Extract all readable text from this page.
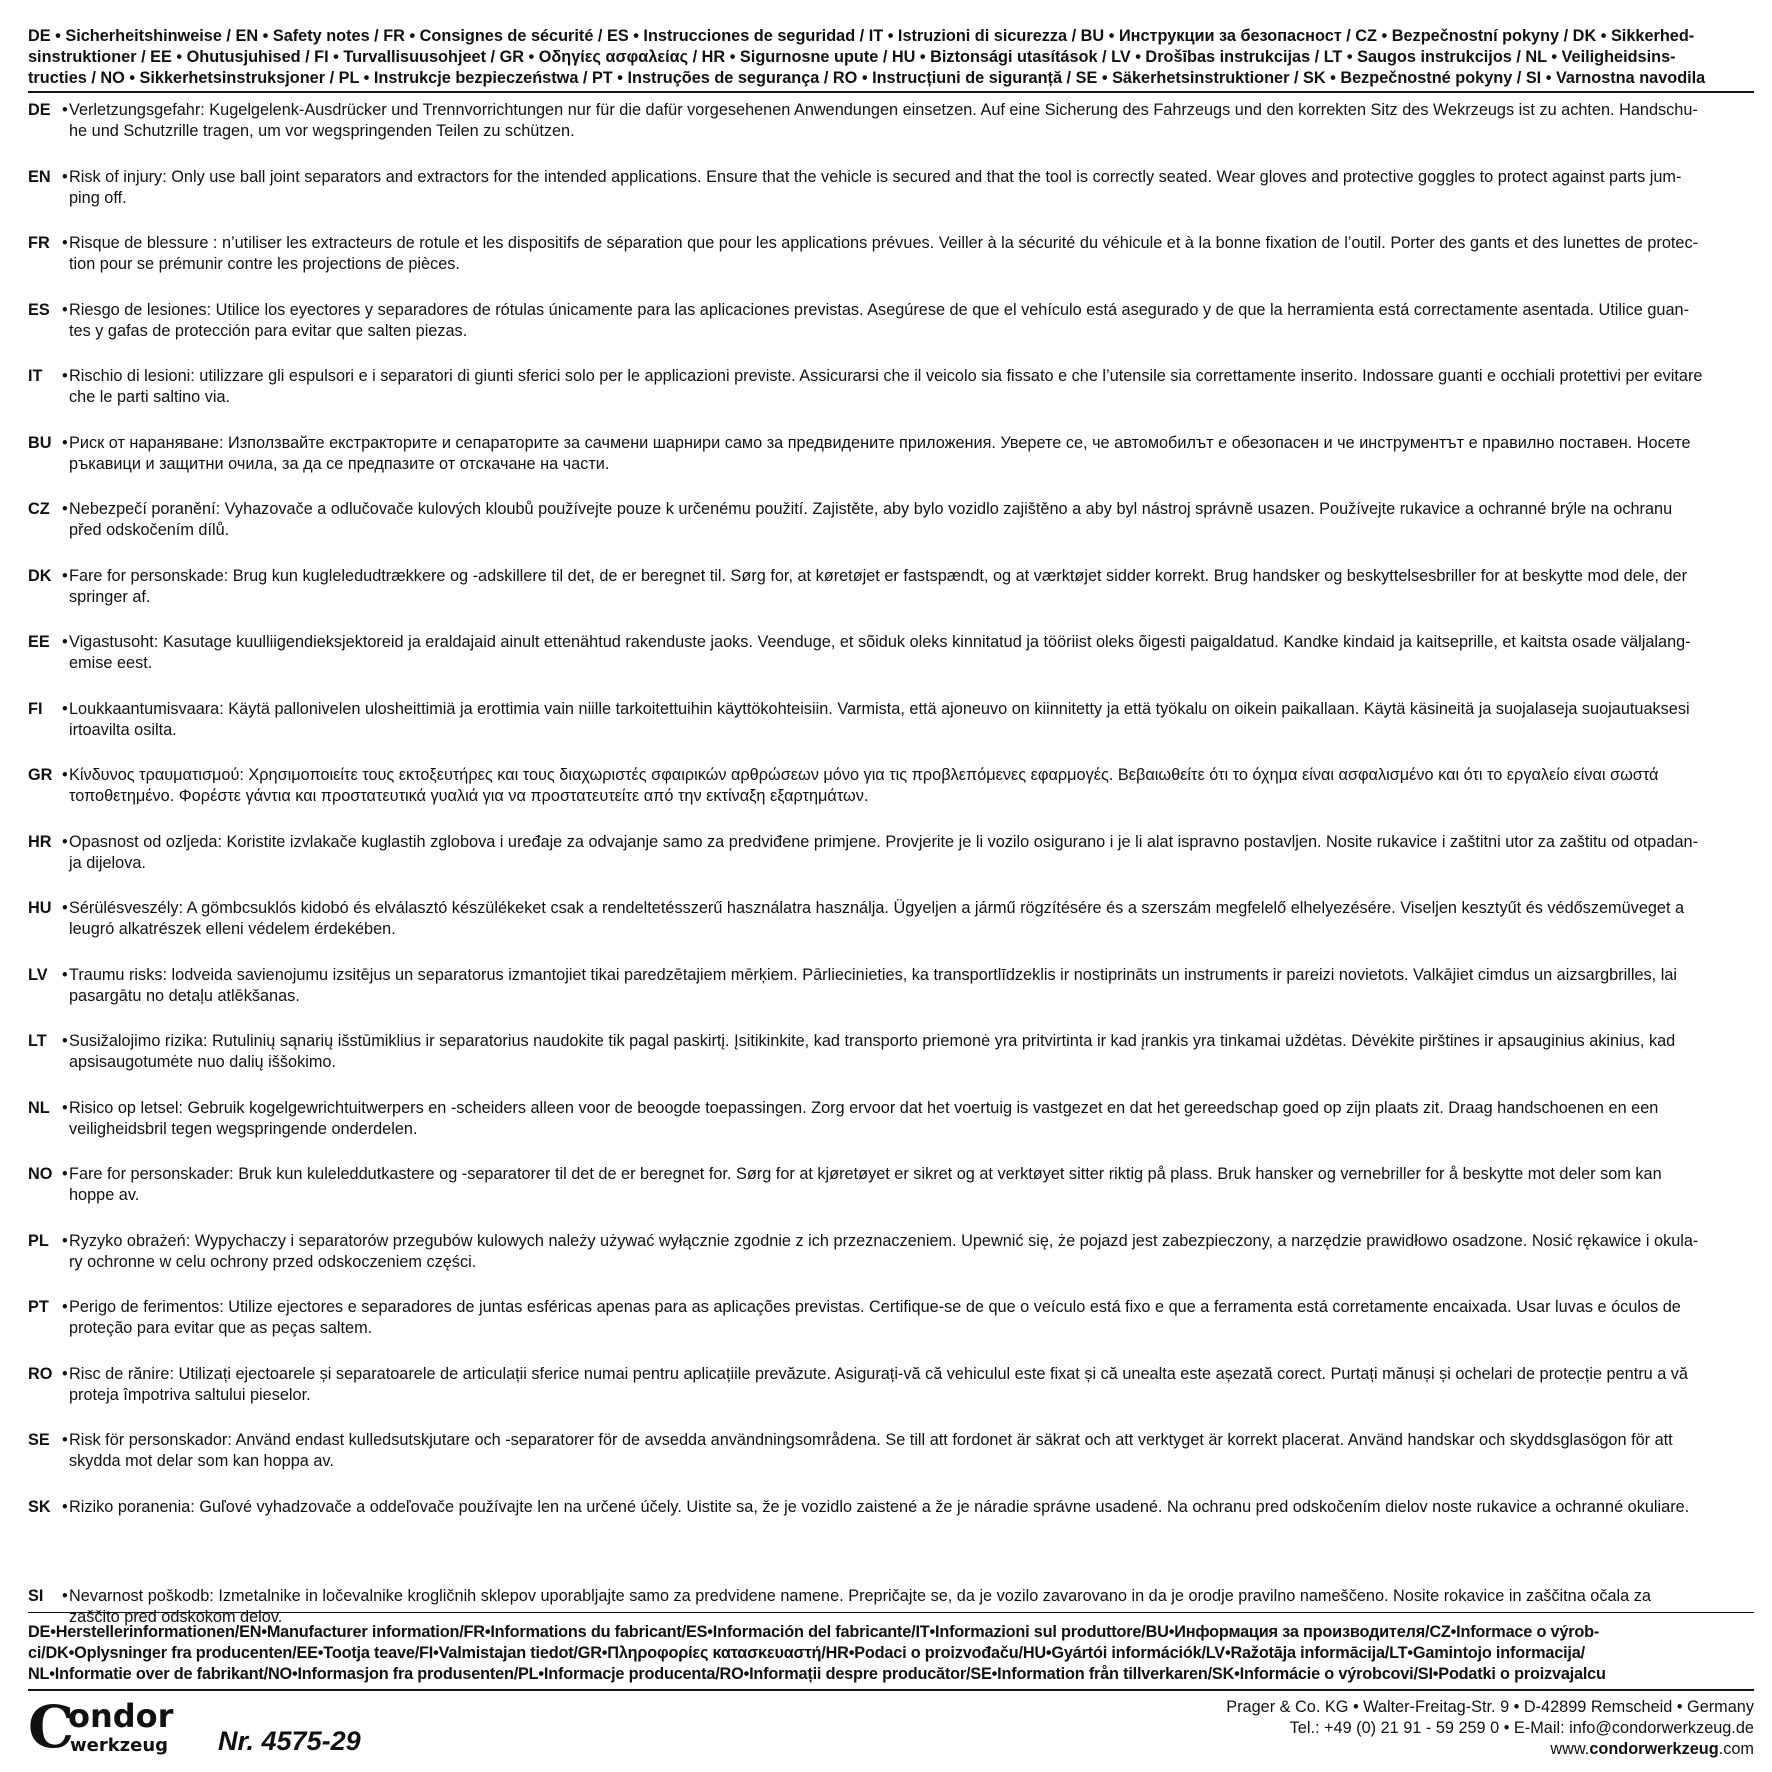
DE • Sicherheitshinweise / EN • Safety notes / FR • Consignes de sécurité / ES • Instrucciones de seguridad / IT • Istruzioni di sicurezza / BU • Инструкции за безопасност / CZ • Bezpečnostní pokyny / DK • Sikkerhed-
sinstruktioner / EE • Ohutusjuhised / FI • Turvallisuusohjeet / GR • Οδηγίες ασφαλείας / HR • Sigurnosne upute / HU • Biztonsági utasítások / LV • Drošības instrukcijas / LT • Saugos instrukcijos / NL • Veiligheidsins-
tructies / NO • Sikkerhetsinstruksjoner / PL • Instrukcje bezpieczeństwa / PT • Instruções de segurança / RO • Instrucțiuni de siguranță / SE • Säkerhetsinstruktioner / SK • Bezpečnostné pokyny / SI • Varnostna navodila
DE • Verletzungsgefahr: Kugelgelenk-Ausdrücker und Trennvorrichtungen nur für die dafür vorgesehenen Anwendungen einsetzen. Auf eine Sicherung des Fahrzeugs und den korrekten Sitz des Wekrzeugs ist zu achten. Handschu-
he und Schutzrille tragen, um vor wegspringenden Teilen zu schützen.
EN • Risk of injury: Only use ball joint separators and extractors for the intended applications. Ensure that the vehicle is secured and that the tool is correctly seated. Wear gloves and protective goggles to protect against parts jum-
ping off.
FR • Risque de blessure : n’utiliser les extracteurs de rotule et les dispositifs de séparation que pour les applications prévues. Veiller à la sécurité du véhicule et à la bonne fixation de l’outil. Porter des gants et des lunettes de protec-
tion pour se prémunir contre les projections de pièces.
ES • Riesgo de lesiones: Utilice los eyectores y separadores de rótulas únicamente para las aplicaciones previstas. Asegúrese de que el vehículo está asegurado y de que la herramienta está correctamente asentada. Utilice guan-
tes y gafas de protección para evitar que salten piezas.
IT • Rischio di lesioni: utilizzare gli espulsori e i separatori di giunti sferici solo per le applicazioni previste. Assicurarsi che il veicolo sia fissato e che l’utensile sia correttamente inserito. Indossare guanti e occhiali protettivi per evitare
che le parti saltino via.
BU • Риск от нараняване: Използвайте екстракторите и сепараторите за сачмени шарнири само за предвидените приложения. Уверете се, че автомобилът е обезопасен и че инструментът е правилно поставен. Носете
ръкавици и защитни очила, за да се предпазите от отскачане на части.
CZ • Nebezpečí poranění: Vyhazovače a odlučovače kulových kloubů používejte pouze k určenému použití. Zajistěte, aby bylo vozidlo zajištěno a aby byl nástroj správně usazen. Používejte rukavice a ochranné brýle na ochranu
před odskočením dílů.
DK • Fare for personskade: Brug kun kugleledudtrækkere og -adskillere til det, de er beregnet til. Sørg for, at køretøjet er fastspændt, og at værktøjet sidder korrekt. Brug handsker og beskyttelsesbriller for at beskytte mod dele, der
springer af.
EE • Vigastusoht: Kasutage kuulliigendieksjektoreid ja eraldajaid ainult ettenähtud rakenduste jaoks. Veenduge, et sõiduk oleks kinnitatud ja tööriist oleks õigesti paigaldatud. Kandke kindaid ja kaitseprille, et kaitsta osade väljalang-
emise eest.
FI • Loukkaantumisvaara: Käytä pallonivelen ulosheittimiä ja erottimia vain niille tarkoitettuihin käyttökohteisiin. Varmista, että ajoneuvo on kiinnitetty ja että työkalu on oikein paikallaan. Käytä käsineitä ja suojalaseja suojautuaksesi
irtoavilta osilta.
GR • Κίνδυνος τραυματισμού: Χρησιμοποιείτε τους εκτοξευτήρες και τους διαχωριστές σφαιρικών αρθρώσεων μόνο για τις προβλεπόμενες εφαρμογές. Βεβαιωθείτε ότι το όχημα είναι ασφαλισμένο και ότι το εργαλείο είναι σωστά
τοποθετημένο. Φορέστε γάντια και προστατευτικά γυαλιά για να προστατευτείτε από την εκτίναξη εξαρτημάτων.
HR • Opasnost od ozljeda: Koristite izvlakače kuglastih zglobova i uređaje za odvajanje samo za predviđene primjene. Provjerite je li vozilo osigurano i je li alat ispravno postavljen. Nosite rukavice i zaštitni utor za zaštitu od otpadan-
ja dijelova.
HU • Sérülésveszély: A gömbcsuklós kidobó és elválasztó készülékeket csak a rendeltetésszerű használatra használja. Ügyeljen a jármű rögzítésére és a szerszám megfelelő elhelyezésére. Viseljen kesztyűt és védőszemüveget a
leugró alkatrészek elleni védelem érdekében.
LV • Traumu risks: lodveida savienojumu izsitējus un separatorus izmantojiet tikai paredzētajiem mērķiem. Pārliecinieties, ka transportlīdzeklis ir nostiprināts un instruments ir pareizi novietots. Valkājiet cimdus un aizsargbrilles, lai
pasargātu no detaļu atlēkšanas.
LT • Susižalojimo rizika: Rutulinių sąnarių išstūmiklius ir separatorius naudokite tik pagal paskirtį. Įsitikinkite, kad transporto priemonė yra pritvirtinta ir kad įrankis yra tinkamai uždėtas. Dėvėkite pirštines ir apsauginius akinius, kad
apsisaugotumėte nuo dalių iššokimo.
NL • Risico op letsel: Gebruik kogelgewrichtuitwerpers en -scheiders alleen voor de beoogde toepassingen. Zorg ervoor dat het voertuig is vastgezet en dat het gereedschap goed op zijn plaats zit. Draag handschoenen en een
veiligheidsbril tegen wegspringende onderdelen.
NO • Fare for personskader: Bruk kun kuleleddutkastere og -separatorer til det de er beregnet for. Sørg for at kjøretøyet er sikret og at verktøyet sitter riktig på plass. Bruk hansker og vernebriller for å beskytte mot deler som kan
hoppe av.
PL • Ryzyko obrażeń: Wypychaczy i separatorów przegubów kulowych należy używać wyłącznie zgodnie z ich przeznaczeniem. Upewnić się, że pojazd jest zabezpieczony, a narzędzie prawidłowo osadzone. Nosić rękawice i okula-
ry ochronne w celu ochrony przed odskoczeniem części.
PT • Perigo de ferimentos: Utilize ejectores e separadores de juntas esféricas apenas para as aplicações previstas. Certifique-se de que o veículo está fixo e que a ferramenta está corretamente encaixada. Usar luvas e óculos de
proteção para evitar que as peças saltem.
RO • Risc de rănire: Utilizați ejectoarele și separatoarele de articulații sferice numai pentru aplicațiile prevăzute. Asigurați-vă că vehiculul este fixat și că unealta este așezată corect. Purtați mănuși și ochelari de protecție pentru a vă
proteja împotriva saltului pieselor.
SE • Risk för personskador: Använd endast kulledsutskjutare och -separatorer för de avsedda användningsområdena. Se till att fordonet är säkrat och att verktyget är korrekt placerat. Använd handskar och skyddsglasögon för att
skydda mot delar som kan hoppa av.
SK • Riziko poranenia: Guľové vyhadzovače a oddeľovače používajte len na určené účely. Uistite sa, že je vozidlo zaistené a že je náradie správne usadené. Na ochranu pred odskočením dielov noste rukavice a ochranné okuliare.
SI • Nevarnost poškodb: Izmetalnike in ločevalnike krogličnih sklepov uporabljajte samo za predvidene namene. Prepričajte se, da je vozilo zavarovano in da je orodje pravilno nameščeno. Nosite rokavice in zaščitna očala za
zaščito pred odskokom delov.
DE•Herstellerinformationen/EN•Manufacturer information/FR•Informations du fabricant/ES•Información del fabricante/IT•Informazioni sul produttore/BU•Информация за производителя/CZ•Informace o výrob-
ci/DK•Oplysninger fra producenten/EE•Tootja teave/FI•Valmistajan tiedot/GR•Πληροφορίες κατασκευαστή/HR•Podaci o proizvođaču/HU•Gyártói információk/LV•Ražotāja informācija/LT•Gamintojo informacija/
NL•Informatie over de fabrikant/NO•Informasjon fra produsenten/PL•Informacje producenta/RO•Informații despre producător/SE•Information från tillverkaren/SK•Informácie o výrobcovi/SI•Podatki o proizvajalcu
C
ondor
werkzeug Nr. 4575-29
Prager & Co. KG • Walter-Freitag-Str. 9 • D-42899 Remscheid • Germany
Tel.: +49 (0) 21 91 - 59 259 0 • E-Mail: info@condorwerkzeug.de
www.condorwerkzeug.com
